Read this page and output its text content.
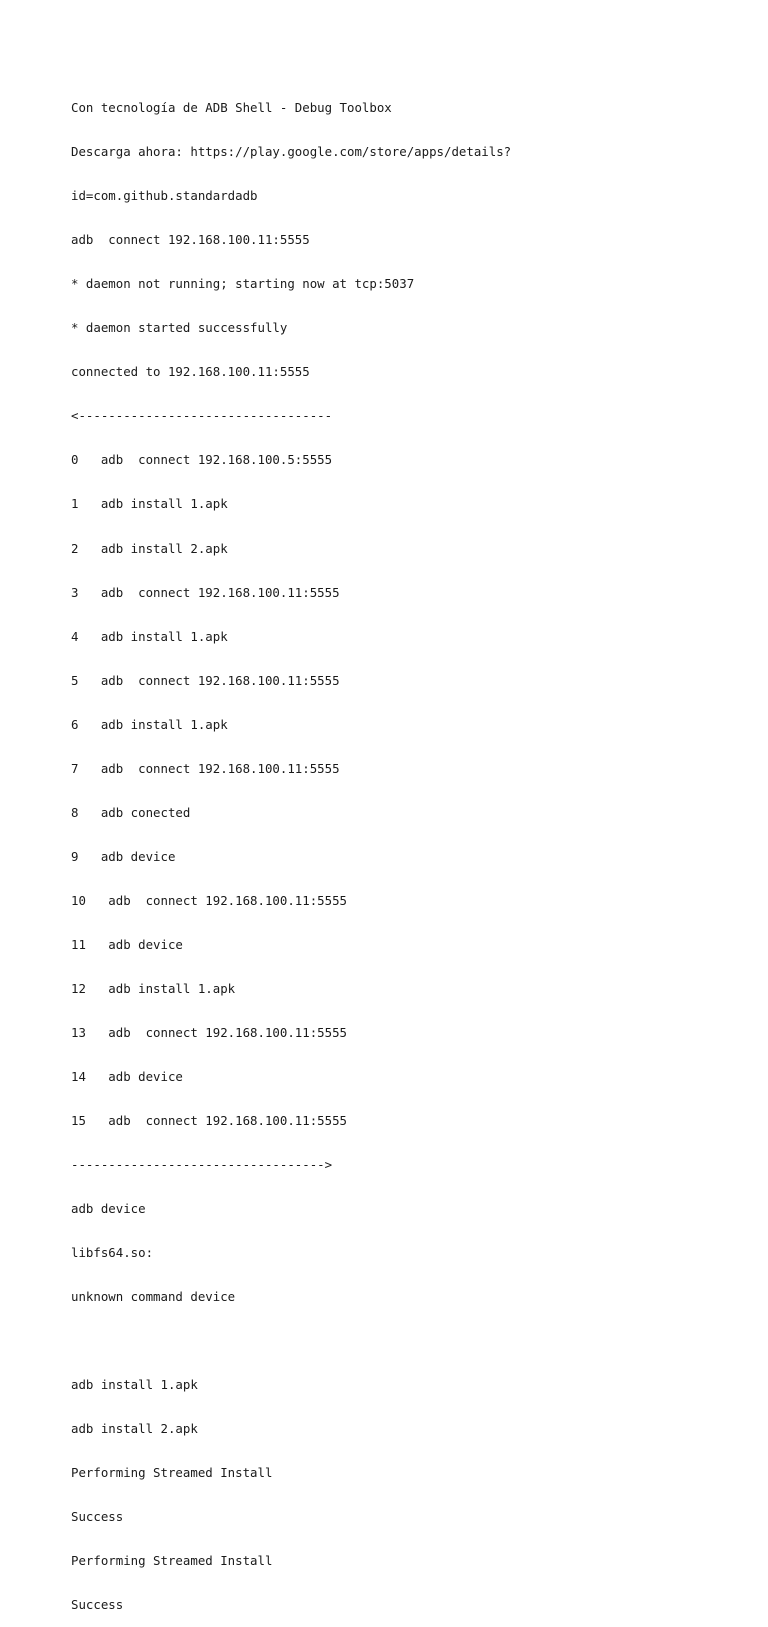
Con tecnología de ADB Shell - Debug Toolbox

Descarga ahora: https://play.google.com/store/apps/details?

id=com.github.standardadb

adb  connect 192.168.100.11:5555

* daemon not running; starting now at tcp:5037

* daemon started successfully

connected to 192.168.100.11:5555

<----------------------------------

0   adb  connect 192.168.100.5:5555

1   adb install 1.apk

2   adb install 2.apk

3   adb  connect 192.168.100.11:5555

4   adb install 1.apk

5   adb  connect 192.168.100.11:5555

6   adb install 1.apk

7   adb  connect 192.168.100.11:5555

8   adb conected

9   adb device

10   adb  connect 192.168.100.11:5555

11   adb device

12   adb install 1.apk

13   adb  connect 192.168.100.11:5555

14   adb device

15   adb  connect 192.168.100.11:5555

---------------------------------->

adb device

libfs64.so:

unknown command device

adb install 1.apk

adb install 2.apk

Performing Streamed Install

Success

Performing Streamed Install

Success
